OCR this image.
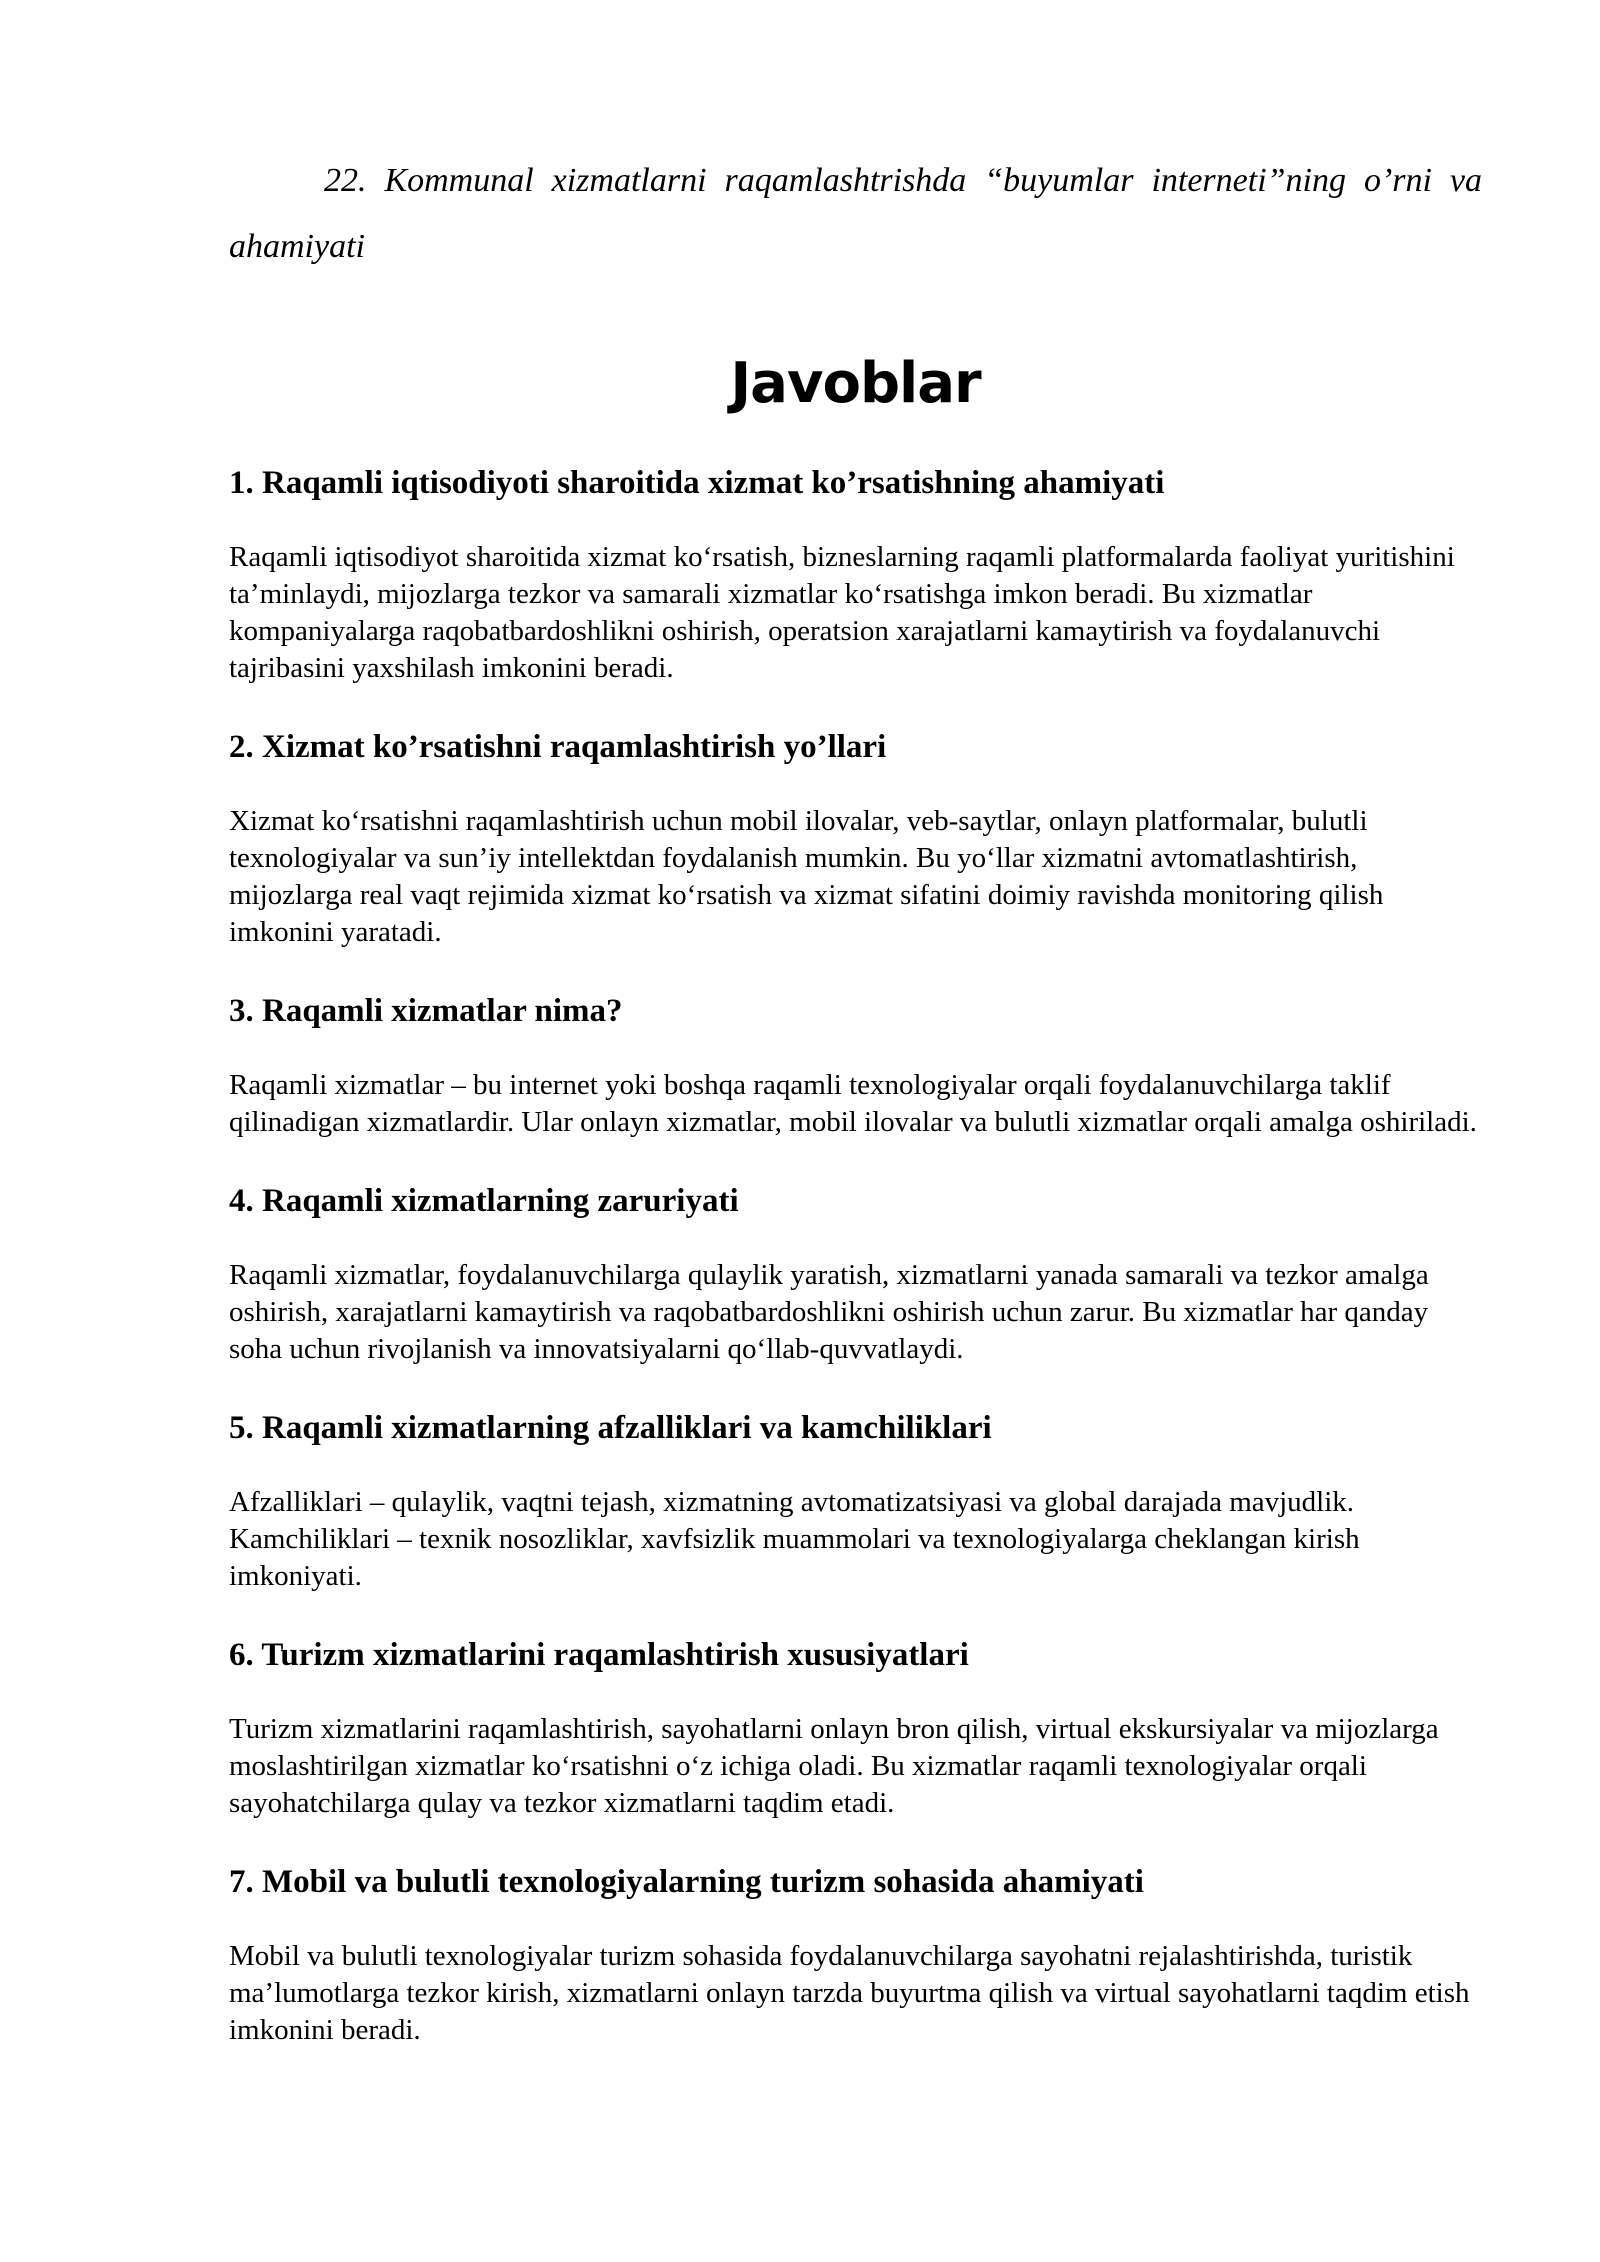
22. Kommunal xizmatlarni raqamlashtrishda “buyumlar interneti”ning o’rni va ahamiyati

Javoblar
1. Raqamli iqtisodiyoti sharoitida xizmat ko’rsatishning ahamiyati

Raqamli iqtisodiyot sharoitida xizmat ko‘rsatish, bizneslarning raqamli platformalarda faoliyat yuritishini ta’minlaydi, mijozlarga tezkor va samarali xizmatlar ko‘rsatishga imkon beradi. Bu xizmatlar kompaniyalarga raqobatbardoshlikni oshirish, operatsion xarajatlarni kamaytirish va foydalanuvchi tajribasini yaxshilash imkonini beradi.

2. Xizmat ko’rsatishni raqamlashtirish yo’llari

Xizmat ko‘rsatishni raqamlashtirish uchun mobil ilovalar, veb-saytlar, onlayn platformalar, bulutli texnologiyalar va sun’iy intellektdan foydalanish mumkin. Bu yo‘llar xizmatni avtomatlashtirish, mijozlarga real vaqt rejimida xizmat ko‘rsatish va xizmat sifatini doimiy ravishda monitoring qilish imkonini yaratadi.

3. Raqamli xizmatlar nima?

Raqamli xizmatlar – bu internet yoki boshqa raqamli texnologiyalar orqali foydalanuvchilarga taklif qilinadigan xizmatlardir. Ular onlayn xizmatlar, mobil ilovalar va bulutli xizmatlar orqali amalga oshiriladi.

4. Raqamli xizmatlarning zaruriyati

Raqamli xizmatlar, foydalanuvchilarga qulaylik yaratish, xizmatlarni yanada samarali va tezkor amalga oshirish, xarajatlarni kamaytirish va raqobatbardoshlikni oshirish uchun zarur. Bu xizmatlar har qanday soha uchun rivojlanish va innovatsiyalarni qo‘llab-quvvatlaydi.

5. Raqamli xizmatlarning afzalliklari va kamchiliklari

Afzalliklari – qulaylik, vaqtni tejash, xizmatning avtomatizatsiyasi va global darajada mavjudlik. Kamchiliklari – texnik nosozliklar, xavfsizlik muammolari va texnologiyalarga cheklangan kirish imkoniyati.

6. Turizm xizmatlarini raqamlashtirish xususiyatlari

Turizm xizmatlarini raqamlashtirish, sayohatlarni onlayn bron qilish, virtual ekskursiyalar va mijozlarga moslashtirilgan xizmatlar ko‘rsatishni o‘z ichiga oladi. Bu xizmatlar raqamli texnologiyalar orqali sayohatchilarga qulay va tezkor xizmatlarni taqdim etadi.

7. Mobil va bulutli texnologiyalarning turizm sohasida ahamiyati

Mobil va bulutli texnologiyalar turizm sohasida foydalanuvchilarga sayohatni rejalashtirishda, turistik ma’lumotlarga tezkor kirish, xizmatlarni onlayn tarzda buyurtma qilish va virtual sayohatlarni taqdim etish imkonini beradi.
